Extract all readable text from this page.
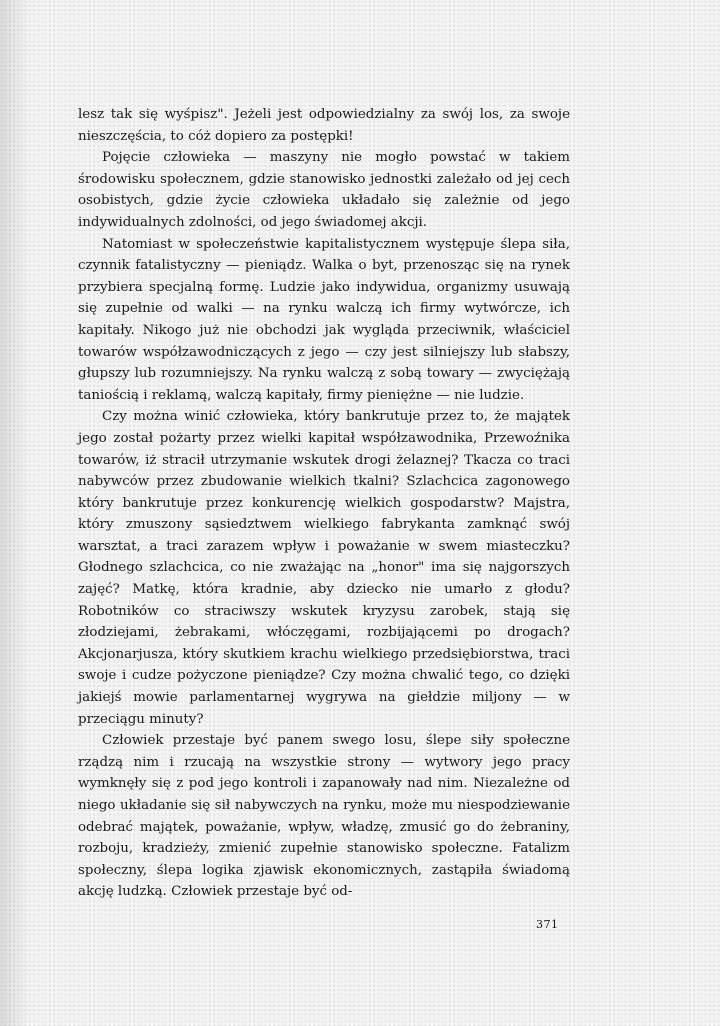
lesz tak się wyśpisz". Jeżeli jest odpowiedzialny za swój los, za swoje nieszczęścia, to cóż dopiero za postępki!

Pojęcie człowieka — maszyny nie mogło powstać w takiem środowisku społecznem, gdzie stanowisko jednostki zależało od jej cech osobistych, gdzie życie człowieka układało się zależnie od jego indywidualnych zdolności, od jego świadomej akcji.

Natomiast w społeczeństwie kapitalistycznem występuje ślepa siła, czynnik fatalistyczny — pieniądz. Walka o byt, przenosząc się na rynek przybiera specjalną formę. Ludzie jako indywidua, organizmy usuwają się zupełnie od walki — na rynku walczą ich firmy wytwórcze, ich kapitały. Nikogo już nie obchodzi jak wygląda przeciwnik, właściciel towarów współzawodniczących z jego — czy jest silniejszy lub słabszy, głupszy lub rozumniejszy. Na rynku walczą z sobą towary — zwyciężają taniością i reklamą, walczą kapitały, firmy pieniężne — nie ludzie.

Czy można winić człowieka, który bankrutuje przez to, że majątek jego został pożarty przez wielki kapitał współzawodnika, Przewoźnika towarów, iż stracił utrzymanie wskutek drogi żelaznej? Tkacza co traci nabywców przez zbudowanie wielkich tkalni? Szlachcica zagonowego który bankrutuje przez konkurencję wielkich gospodarstw? Majstra, który zmuszony sąsiedztwem wielkiego fabrykanta zamknąć swój warsztat, a traci zarazem wpływ i poważanie w swem miasteczku? Głodnego szlachcica, co nie zważając na „honor" ima się najgorszych zajęć? Matkę, która kradnie, aby dziecko nie umarło z głodu? Robotników co straciwszy wskutek kryzysu zarobek, stają się złodziejami, żebrakami, włóczęgami, rozbijającemi po drogach? Akcjonarjusza, który skutkiem krachu wielkiego przedsiębiorstwa, traci swoje i cudze pożyczone pieniądze? Czy można chwalić tego, co dzięki jakiejś mowie parlamentarnej wygrywa na giełdzie miljony — w przeciągu minuty?

Człowiek przestaje być panem swego losu, ślepe siły społeczne rządzą nim i rzucają na wszystkie strony — wytwory jego pracy wymknęły się z pod jego kontroli i zapanowały nad nim. Niezależne od niego układanie się sił nabywczych na rynku, może mu niespodziewanie odebrać majątek, poważanie, wpływ, władzę, zmusić go do żebraniny, rozboju, kradzieży, zmienić zupełnie stanowisko społeczne. Fatalizm społeczny, ślepa logika zjawisk ekonomicznych, zastąpiła świadomą akcję ludzką. Człowiek przestaje być od-

371
